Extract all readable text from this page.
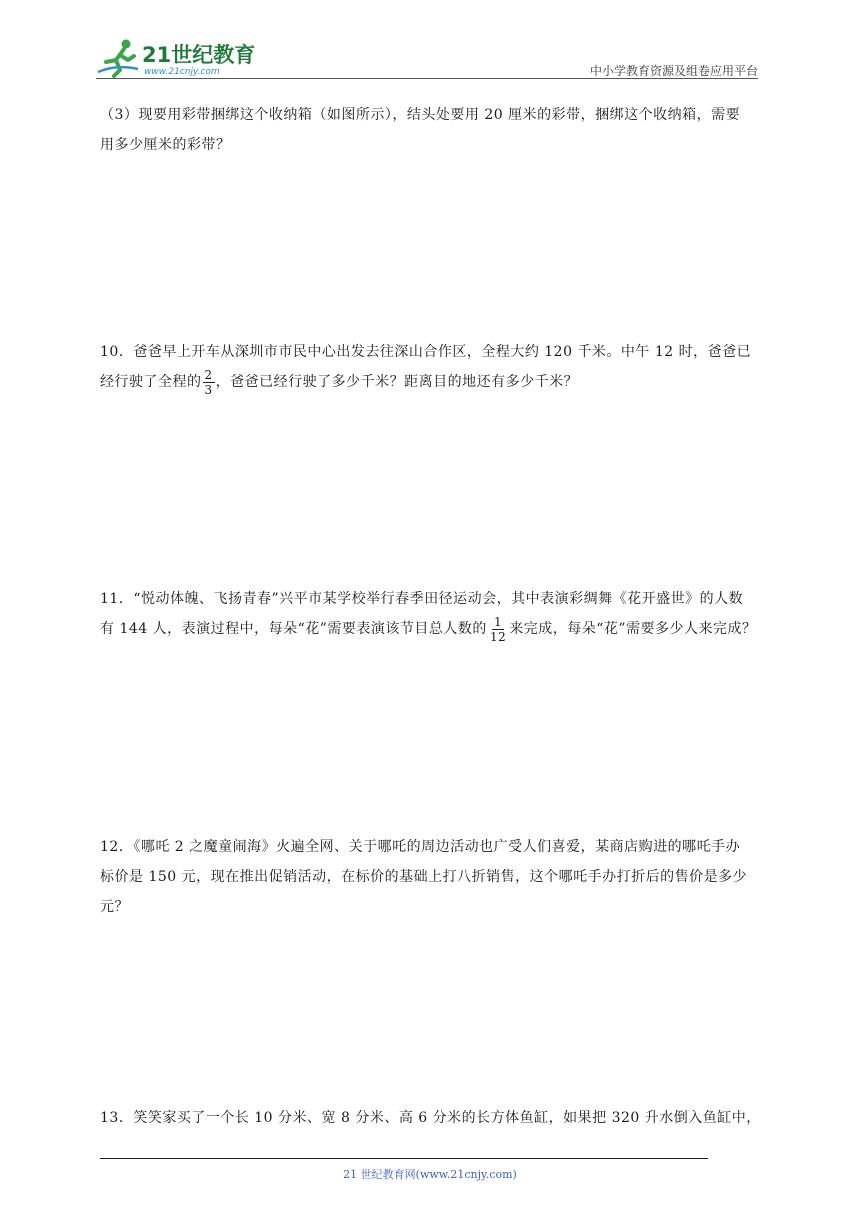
21世纪教育
www.21cnjy.com	中小学教育资源及组卷应用平台
（3）现要用彩带捆绑这个收纳箱（如图所示），结头处要用 20 厘米的彩带，捆绑这个收纳箱，需要
用多少厘米的彩带？
10．爸爸早上开车从深圳市市民中心出发去往深山合作区，全程大约 120 千米。中午 12 时，爸爸已
经行驶了全程的 $\frac{2}{3}$ ，爸爸已经行驶了多少千米？距离目的地还有多少千米？
11．“悦动体魄、飞扬青春”兴平市某学校举行春季田径运动会，其中表演彩绸舞《花开盛世》的人数
有 144 人，表演过程中，每朵“花”需要表演该节目总人数的 $\frac{1}{12}$ 来完成，每朵“花”需要多少人来完成？
12．《哪吒 2 之魔童闹海》火遍全网、关于哪吒的周边活动也广受人们喜爱，某商店购进的哪吒手办
标价是 150 元，现在推出促销活动，在标价的基础上打八折销售，这个哪吒手办打折后的售价是多少
元？
13．笑笑家买了一个长 10 分米、宽 8 分米、高 6 分米的长方体鱼缸，如果把 320 升水倒入鱼缸中，
21 世纪教育网(www.21cnjy.com)
